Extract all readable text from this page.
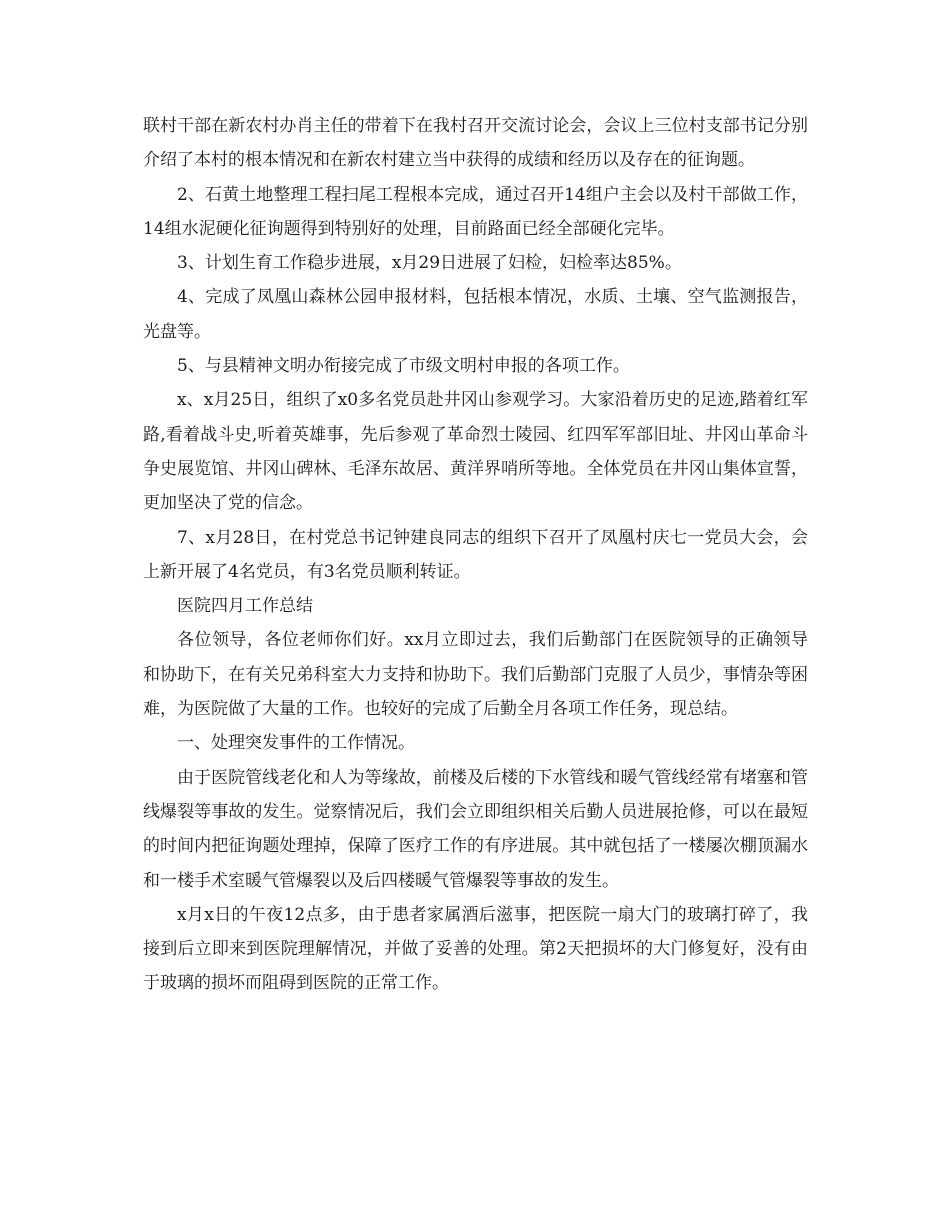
联村干部在新农村办肖主任的带着下在我村召开交流讨论会，会议上三位村支部书记分别介绍了本村的根本情况和在新农村建立当中获得的成绩和经历以及存在的征询题。

2、石黄土地整理工程扫尾工程根本完成，通过召开14组户主会以及村干部做工作，14组水泥硬化征询题得到特别好的处理，目前路面已经全部硬化完毕。

3、计划生育工作稳步进展，x月29日进展了妇检，妇检率达85%。

4、完成了凤凰山森林公园申报材料，包括根本情况，水质、土壤、空气监测报告，光盘等。

5、与县精神文明办衔接完成了市级文明村申报的各项工作。

x、x月25日，组织了x0多名党员赴井冈山参观学习。大家沿着历史的足迹,踏着红军路,看着战斗史,听着英雄事，先后参观了革命烈士陵园、红四军军部旧址、井冈山革命斗争史展览馆、井冈山碑林、毛泽东故居、黄洋界哨所等地。全体党员在井冈山集体宣誓，更加坚决了党的信念。

7、x月28日，在村党总书记钟建良同志的组织下召开了凤凰村庆七一党员大会，会上新开展了4名党员，有3名党员顺利转证。

医院四月工作总结

各位领导，各位老师你们好。xx月立即过去，我们后勤部门在医院领导的正确领导和协助下，在有关兄弟科室大力支持和协助下。我们后勤部门克服了人员少，事情杂等困难，为医院做了大量的工作。也较好的完成了后勤全月各项工作任务，现总结。

一、处理突发事件的工作情况。

由于医院管线老化和人为等缘故，前楼及后楼的下水管线和暖气管线经常有堵塞和管线爆裂等事故的发生。觉察情况后，我们会立即组织相关后勤人员进展抢修，可以在最短的时间内把征询题处理掉，保障了医疗工作的有序进展。其中就包括了一楼屡次棚顶漏水和一楼手术室暖气管爆裂以及后四楼暖气管爆裂等事故的发生。

x月x日的午夜12点多，由于患者家属酒后滋事，把医院一扇大门的玻璃打碎了，我接到后立即来到医院理解情况，并做了妥善的处理。第2天把损坏的大门修复好，没有由于玻璃的损坏而阻碍到医院的正常工作。
